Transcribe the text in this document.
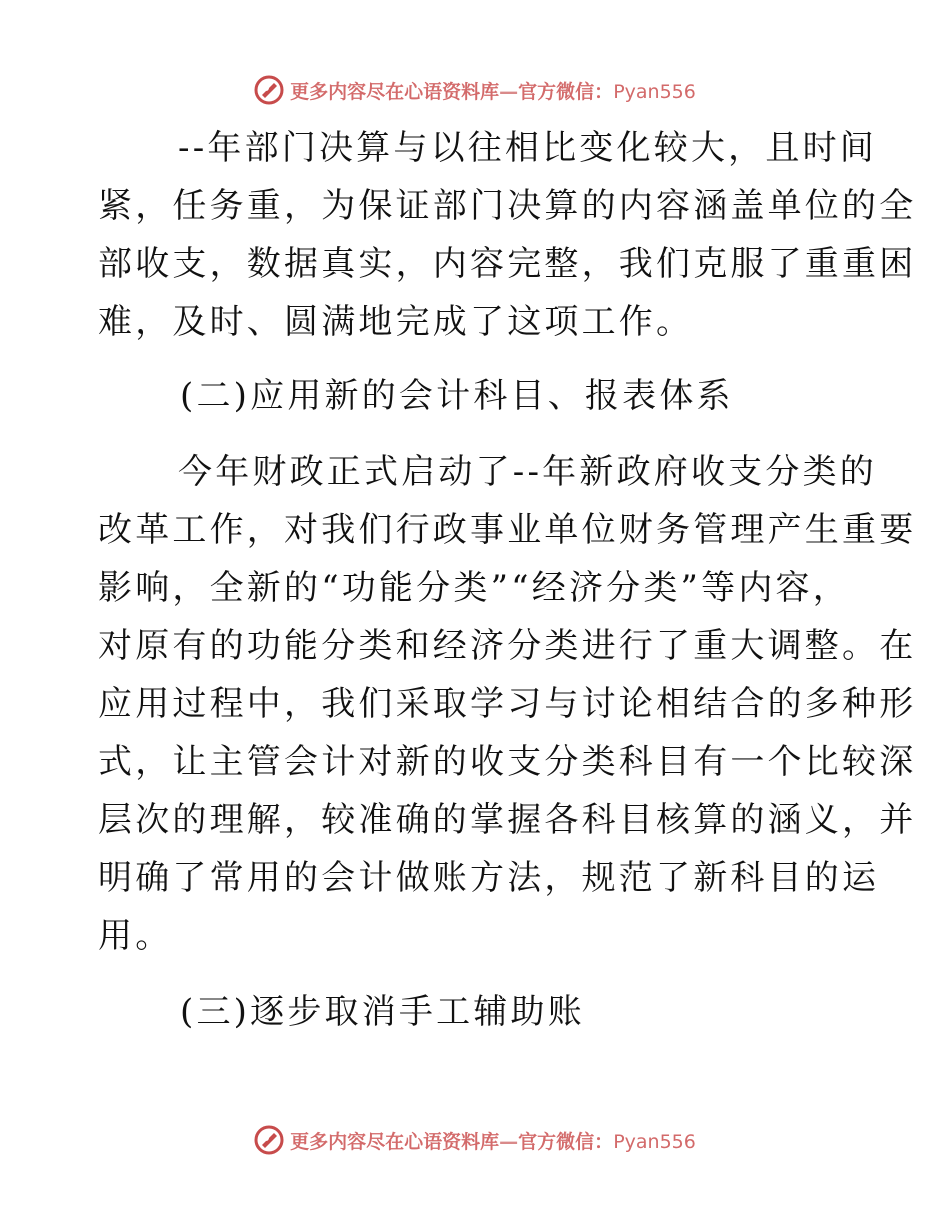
更多内容尽在心语资料库—官方微信：Pyan556
--年部门决算与以往相比变化较大，且时间
紧，任务重，为保证部门决算的内容涵盖单位的全
部收支，数据真实，内容完整，我们克服了重重困
难，及时、圆满地完成了这项工作。
(二)应用新的会计科目、报表体系
今年财政正式启动了--年新政府收支分类的
改革工作，对我们行政事业单位财务管理产生重要
影响，全新的“功能分类”“经济分类”等内容，
对原有的功能分类和经济分类进行了重大调整。在
应用过程中，我们采取学习与讨论相结合的多种形
式，让主管会计对新的收支分类科目有一个比较深
层次的理解，较准确的掌握各科目核算的涵义，并
明确了常用的会计做账方法，规范了新科目的运
用。
(三)逐步取消手工辅助账
更多内容尽在心语资料库—官方微信：Pyan556
